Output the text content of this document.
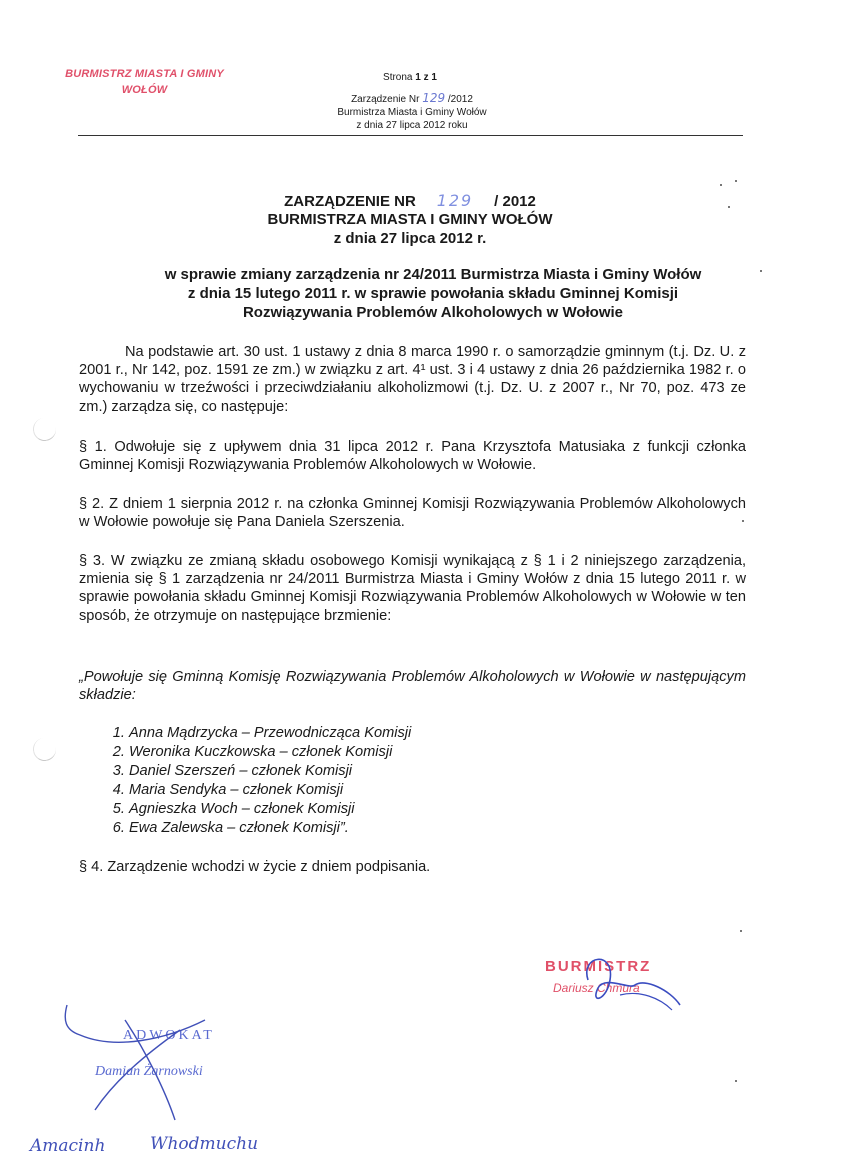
BURMISTRZ MIASTA I GMINY
WOŁÓW
Strona 1 z 1
Zarządzenie Nr 129 /2012
Burmistrza Miasta i Gminy Wołów
z dnia 27 lipca 2012 roku
ZARZĄDZENIE NR 129 / 2012
BURMISTRZA MIASTA I GMINY WOŁÓW
z dnia 27 lipca 2012 r.
w sprawie zmiany zarządzenia nr 24/2011 Burmistrza Miasta i Gminy Wołów
z dnia 15 lutego 2011 r. w sprawie powołania składu Gminnej Komisji
Rozwiązywania Problemów Alkoholowych w Wołowie
Na podstawie art. 30 ust. 1 ustawy z dnia 8 marca 1990 r. o samorządzie gminnym (t.j. Dz. U. z 2001 r., Nr 142, poz. 1591 ze zm.) w związku z art. 4¹ ust. 3 i 4 ustawy z dnia 26 października 1982 r. o wychowaniu w trzeźwości i przeciwdziałaniu alkoholizmowi (t.j. Dz. U. z 2007 r., Nr 70, poz. 473 ze zm.) zarządza się, co następuje:
§ 1. Odwołuje się z upływem dnia 31 lipca 2012 r. Pana Krzysztofa Matusiaka z funkcji członka Gminnej Komisji Rozwiązywania Problemów Alkoholowych w Wołowie.
§ 2. Z dniem 1 sierpnia 2012 r. na członka Gminnej Komisji Rozwiązywania Problemów Alkoholowych w Wołowie powołuje się Pana Daniela Szerszenia.
§ 3. W związku ze zmianą składu osobowego Komisji wynikającą z § 1 i 2 niniejszego zarządzenia, zmienia się § 1 zarządzenia nr 24/2011 Burmistrza Miasta i Gminy Wołów z dnia 15 lutego 2011 r. w sprawie powołania składu Gminnej Komisji Rozwiązywania Problemów Alkoholowych w Wołowie w ten sposób, że otrzymuje on następujące brzmienie:
„Powołuje się Gminną Komisję Rozwiązywania Problemów Alkoholowych w Wołowie w następującym składzie:
1. Anna Mądrzycka – Przewodnicząca Komisji
2. Weronika Kuczkowska – członek Komisji
3. Daniel Szerszeń – członek Komisji
4. Maria Sendyka – członek Komisji
5. Agnieszka Woch – członek Komisji
6. Ewa Zalewska – członek Komisji”.
§ 4. Zarządzenie wchodzi w życie z dniem podpisania.
BURMISTRZ
Dariusz Chmura
ADWOKAT
Damian Żarnowski
Amacinh	Whodmuchu
